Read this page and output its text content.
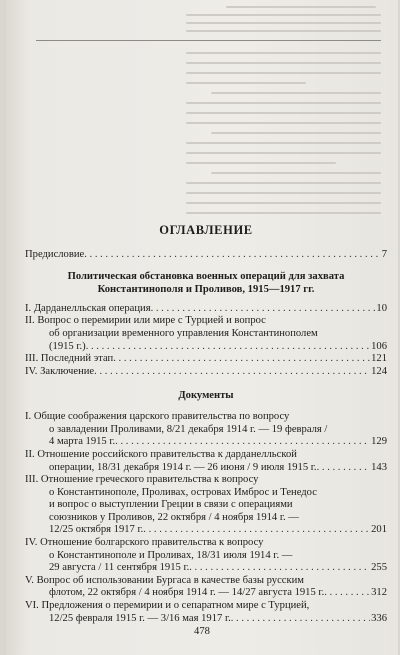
ОГЛАВЛЕНИЕ
Предисловие . . .	7
Политическая обстановка военных операций для захвата
Константинополя и Проливов, 1915—1917 гг.
I. Дарданелльская операция . . .	10
II. Вопрос о перемирии или мире с Турцией и вопрос
об организации временного управления Константинополем
(1915 г.) . . .	106
III. Последний этап . . .	121
IV. Заключение . . .	124
Документы
I. Общие соображения царского правительства по вопросу
о завладении Проливами, 8/21 декабря 1914 г. — 19 февраля /
4 марта 1915 г. . . .	129
II. Отношение российского правительства к дарданелльской
операции, 18/31 декабря 1914 г. — 26 июня / 9 июля 1915 г. . . .	143
III. Отношение греческого правительства к вопросу
о Константинополе, Проливах, островах Имброс и Тенедос
и вопрос о выступлении Греции в связи с операциями
союзников у Проливов, 22 октября / 4 ноября 1914 г. —
12/25 октября 1917 г. . . .	201
IV. Отношение болгарского правительства к вопросу
о Константинополе и Проливах, 18/31 июля 1914 г. —
29 августа / 11 сентября 1915 г. . . .	255
V. Вопрос об использовании Бургаса в качестве базы русским
флотом, 22 октября / 4 ноября 1914 г. — 14/27 августа 1915 г. . . .	312
VI. Предложения о перемирии и о сепаратном мире с Турцией,
12/25 февраля 1915 г. — 3/16 мая 1917 г. . . .	336
478
